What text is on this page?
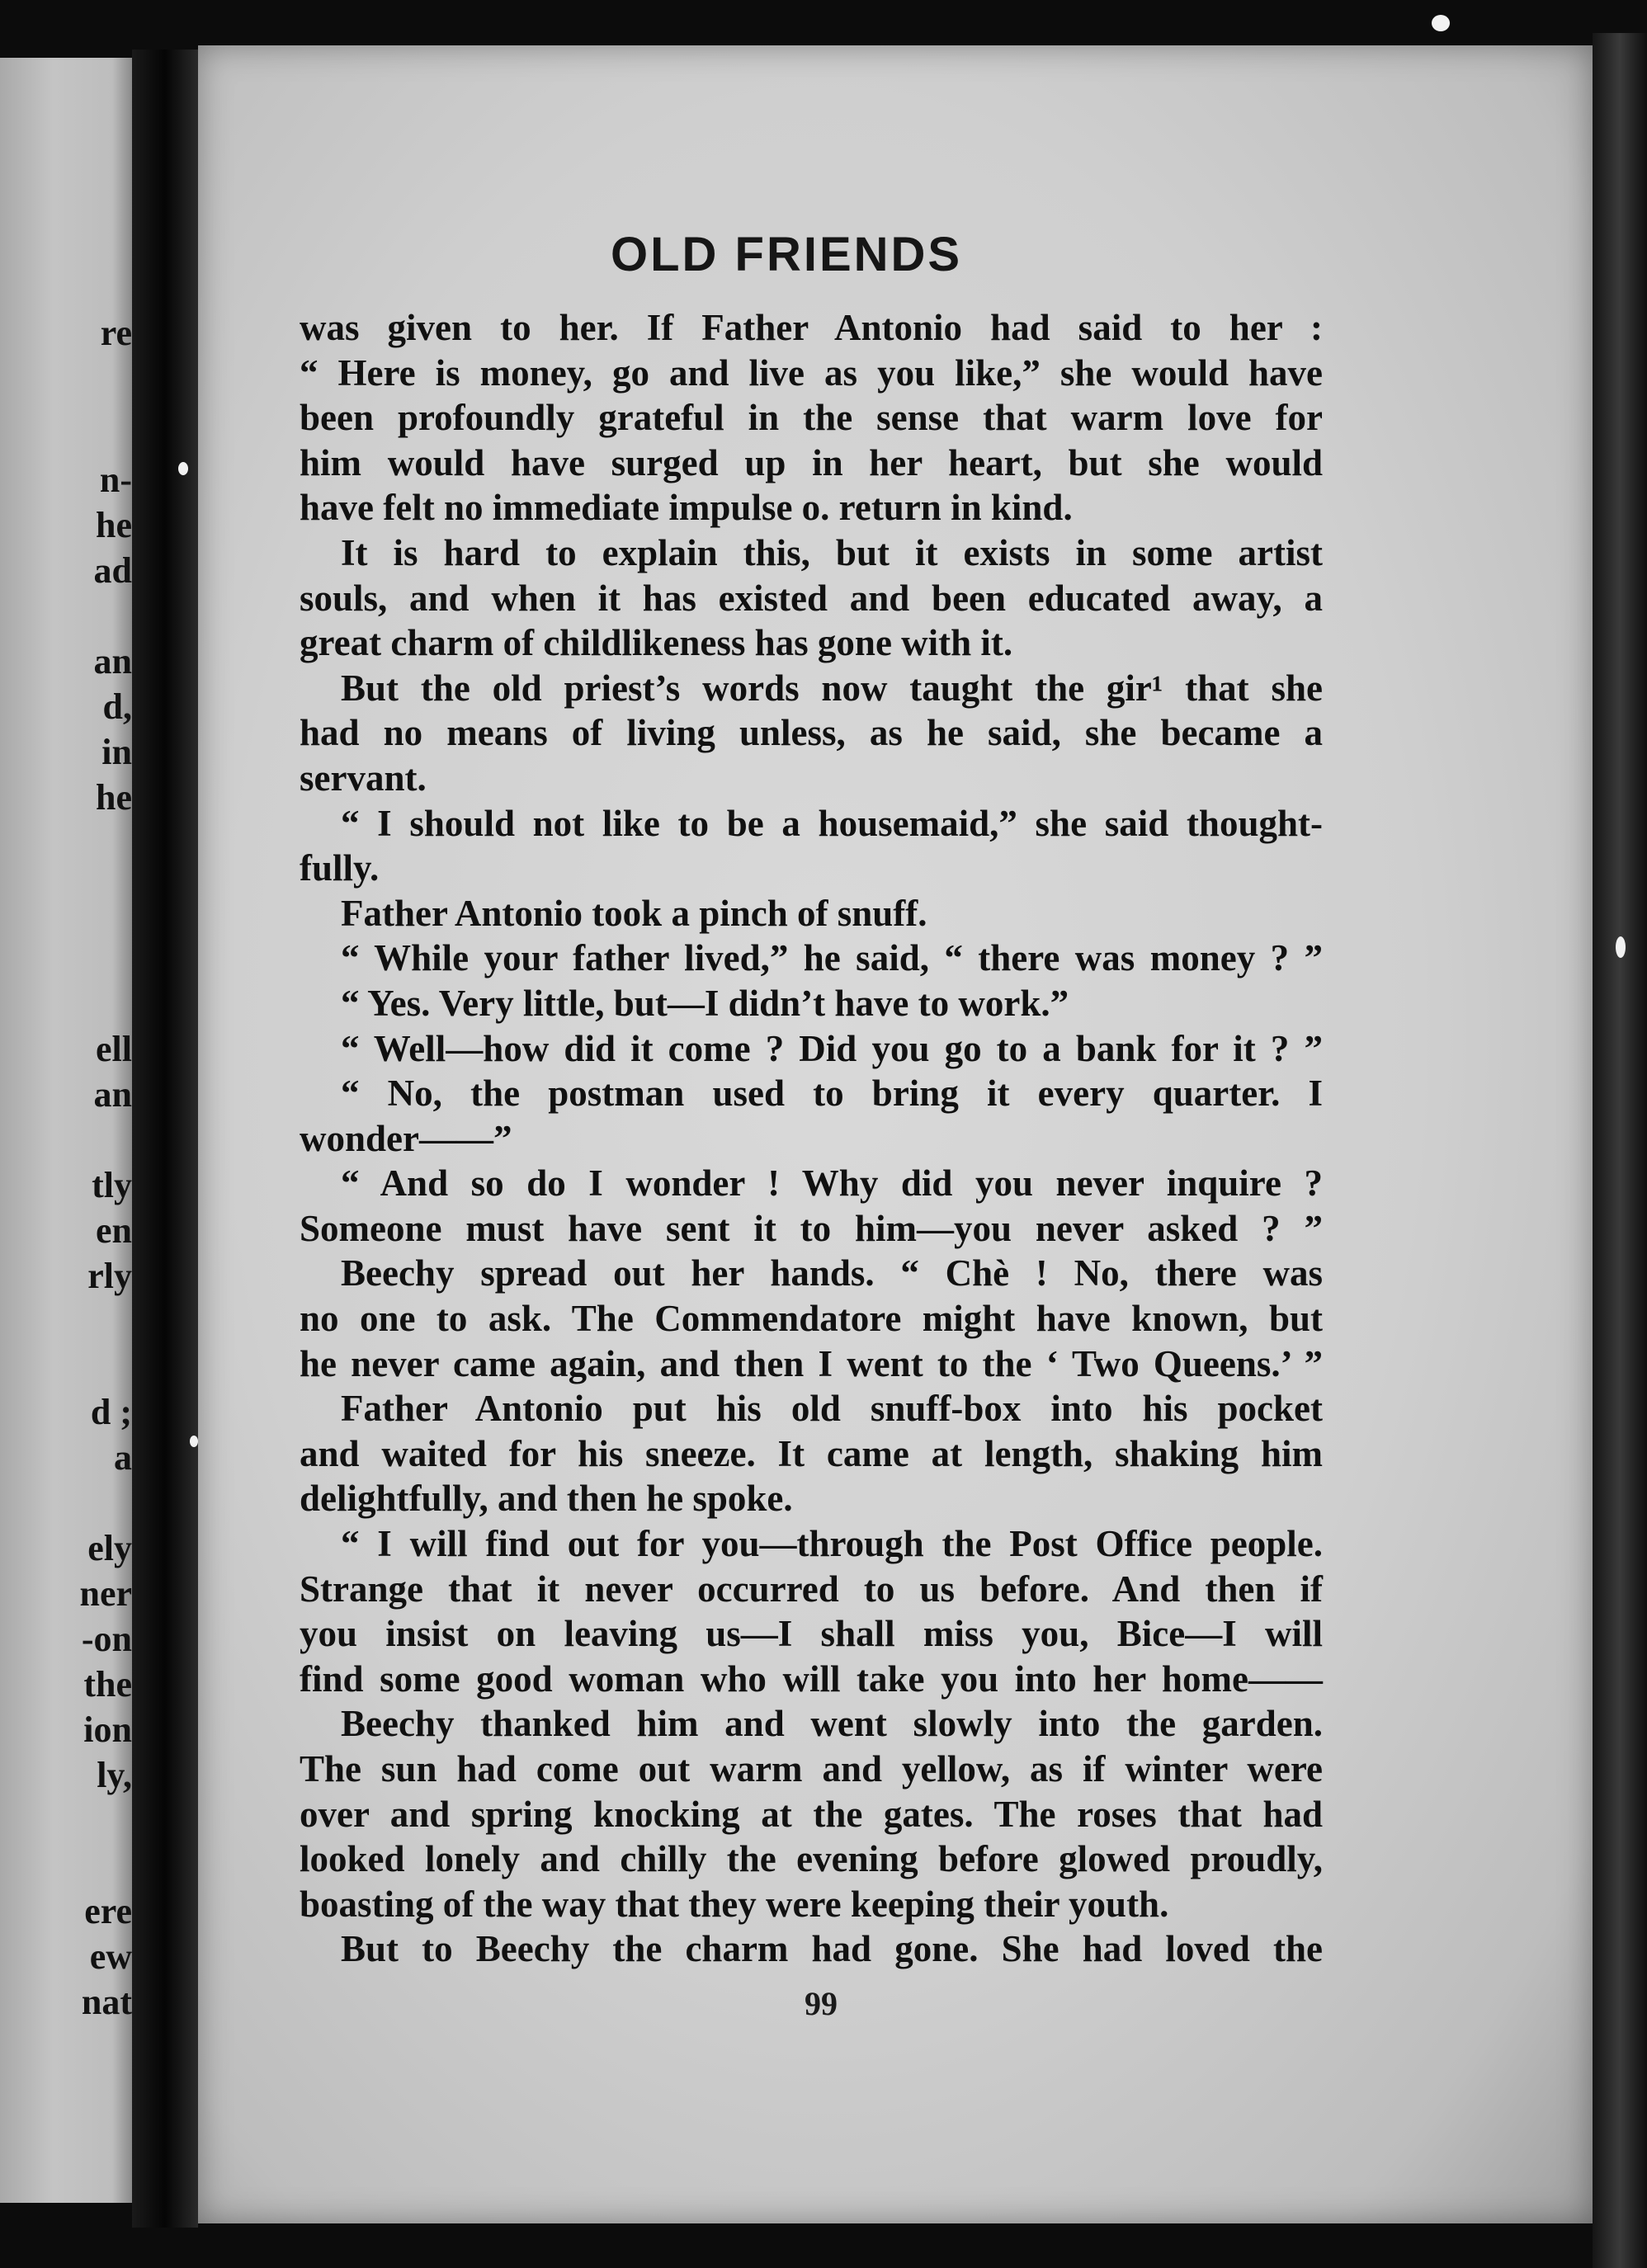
re

n-

he

ad

an

d,

in

he

ell

an

tly

en

rly

d ;

a

ely

ner

-on

the

ion

ly,

ere

ew

nat

OLD FRIENDS
was given to her. If Father Antonio had said to her :
“ Here is money, go and live as you like,” she would have
been profoundly grateful in the sense that warm love for
him would have surged up in her heart, but she would
have felt no immediate impulse o. return in kind.
It is hard to explain this, but it exists in some artist
souls, and when it has existed and been educated away, a
great charm of childlikeness has gone with it.
But the old priest’s words now taught the gir¹ that she
had no means of living unless, as he said, she became a
servant.
“ I should not like to be a housemaid,” she said thought-
fully.
Father Antonio took a pinch of snuff.
“ While your father lived,” he said, “ there was money ? ”
“ Yes. Very little, but—I didn’t have to work.”
“ Well—how did it come ? Did you go to a bank for it ? ”
“ No, the postman used to bring it every quarter. I
wonder——”
“ And so do I wonder ! Why did you never inquire ?
Someone must have sent it to him—you never asked ? ”
Beechy spread out her hands. “ Chè ! No, there was
no one to ask. The Commendatore might have known, but
he never came again, and then I went to the ‘ Two Queens.’ ”
Father Antonio put his old snuff-box into his pocket
and waited for his sneeze. It came at length, shaking him
delightfully, and then he spoke.
“ I will find out for you—through the Post Office people.
Strange that it never occurred to us before. And then if
you insist on leaving us—I shall miss you, Bice—I will
find some good woman who will take you into her home——
Beechy thanked him and went slowly into the garden.
The sun had come out warm and yellow, as if winter were
over and spring knocking at the gates. The roses that had
looked lonely and chilly the evening before glowed proudly,
boasting of the way that they were keeping their youth.
But to Beechy the charm had gone. She had loved the

99
